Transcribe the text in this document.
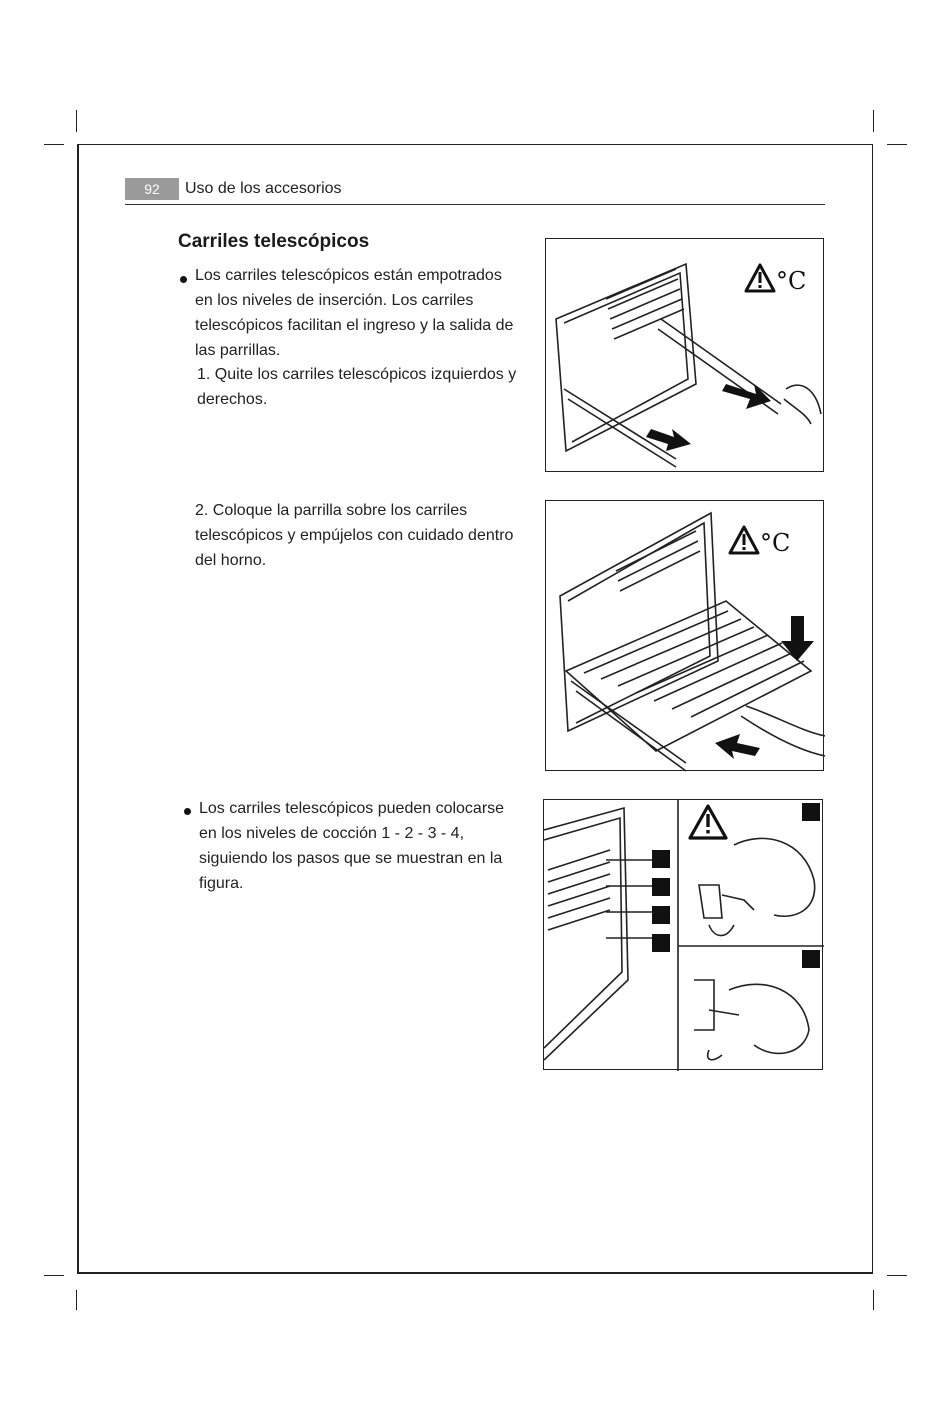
92	Uso de los accesorios
Carriles telescópicos

Los carriles telescópicos están empotrados en los niveles de inserción. Los carriles telescópicos facilitan el ingreso y la salida de las parrillas.

1. Quite los carriles telescópicos izquierdos y derechos.

2. Coloque la parrilla sobre los carriles telescópicos y empújelos con cuidado dentro del horno.

Los carriles telescópicos pueden colocarse en los niveles de cocción 1 - 2 - 3 - 4, siguiendo los pasos que se muestran en la figura.

°C
°C
